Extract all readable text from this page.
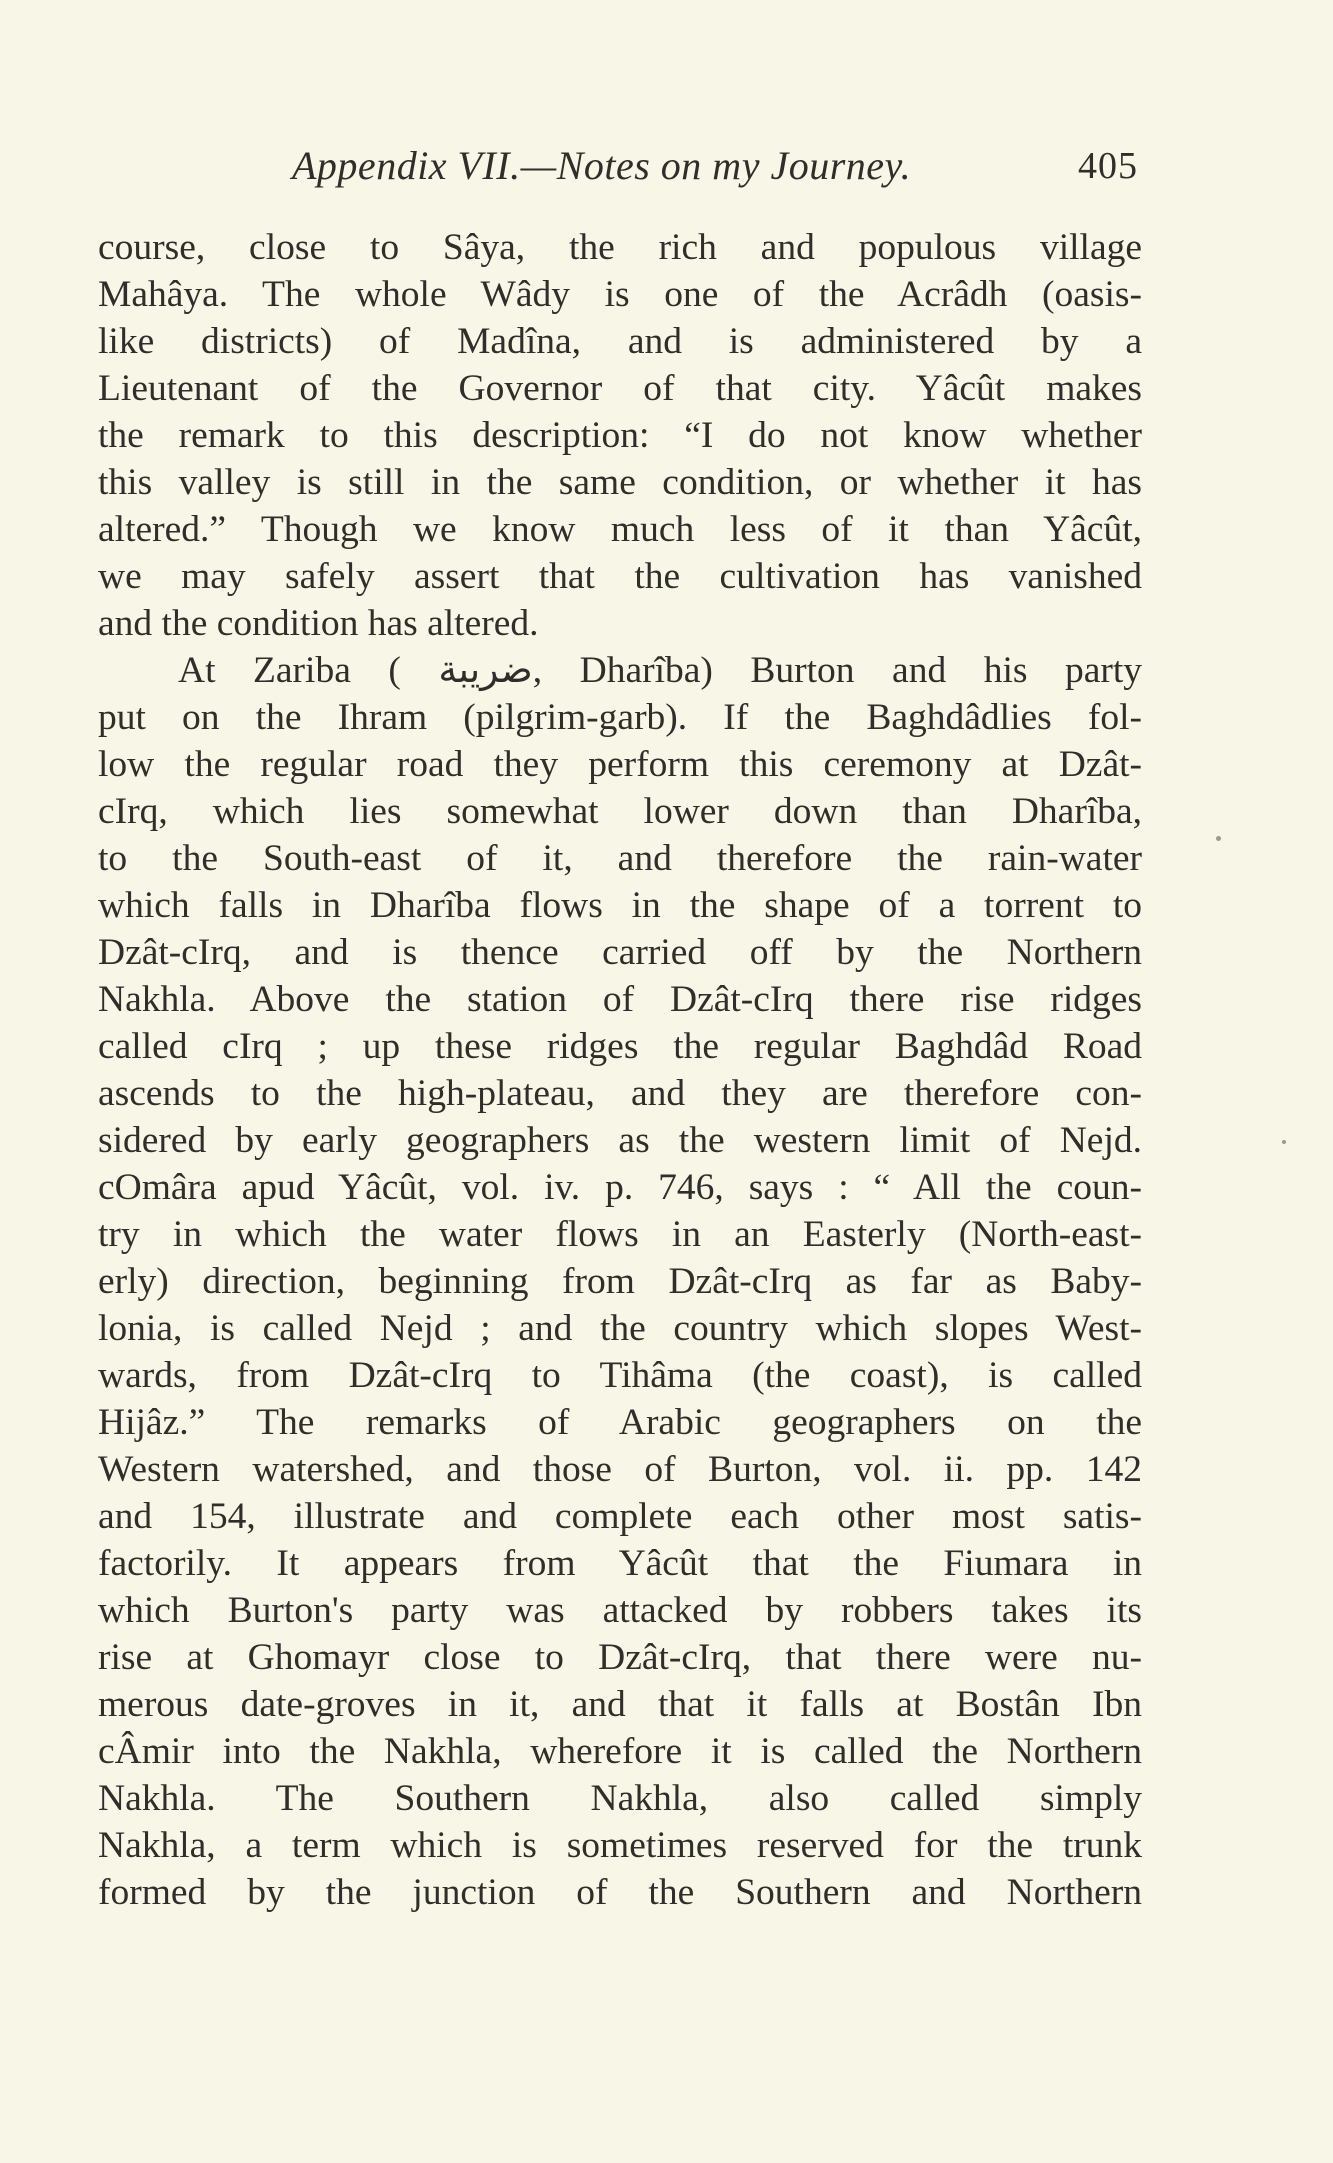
Appendix VII.—Notes on my Journey.	405
course, close to Sâya, the rich and populous village
Mahâya. The whole Wâdy is one of the Acrâdh (oasis-
like districts) of Madîna, and is administered by a
Lieutenant of the Governor of that city. Yâcût makes
the remark to this description: “I do not know whether
this valley is still in the same condition, or whether it has
altered.” Though we know much less of it than Yâcût,
we may safely assert that the cultivation has vanished
and the condition has altered.
At Zariba ( ضريبة, Dharîba) Burton and his party
put on the Ihram (pilgrim-garb). If the Baghdâdlies fol-
low the regular road they perform this ceremony at Dzât-
cIrq, which lies somewhat lower down than Dharîba,
to the South-east of it, and therefore the rain-water
which falls in Dharîba flows in the shape of a torrent to
Dzât-cIrq, and is thence carried off by the Northern
Nakhla. Above the station of Dzât-cIrq there rise ridges
called cIrq ; up these ridges the regular Baghdâd Road
ascends to the high-plateau, and they are therefore con-
sidered by early geographers as the western limit of Nejd.
cOmâra apud Yâcût, vol. iv. p. 746, says : “ All the coun-
try in which the water flows in an Easterly (North-east-
erly) direction, beginning from Dzât-cIrq as far as Baby-
lonia, is called Nejd ; and the country which slopes West-
wards, from Dzât-cIrq to Tihâma (the coast), is called
Hijâz.” The remarks of Arabic geographers on the
Western watershed, and those of Burton, vol. ii. pp. 142
and 154, illustrate and complete each other most satis-
factorily. It appears from Yâcût that the Fiumara in
which Burton's party was attacked by robbers takes its
rise at Ghomayr close to Dzât-cIrq, that there were nu-
merous date-groves in it, and that it falls at Bostân Ibn
cÂmir into the Nakhla, wherefore it is called the Northern
Nakhla. The Southern Nakhla, also called simply
Nakhla, a term which is sometimes reserved for the trunk
formed by the junction of the Southern and Northern
